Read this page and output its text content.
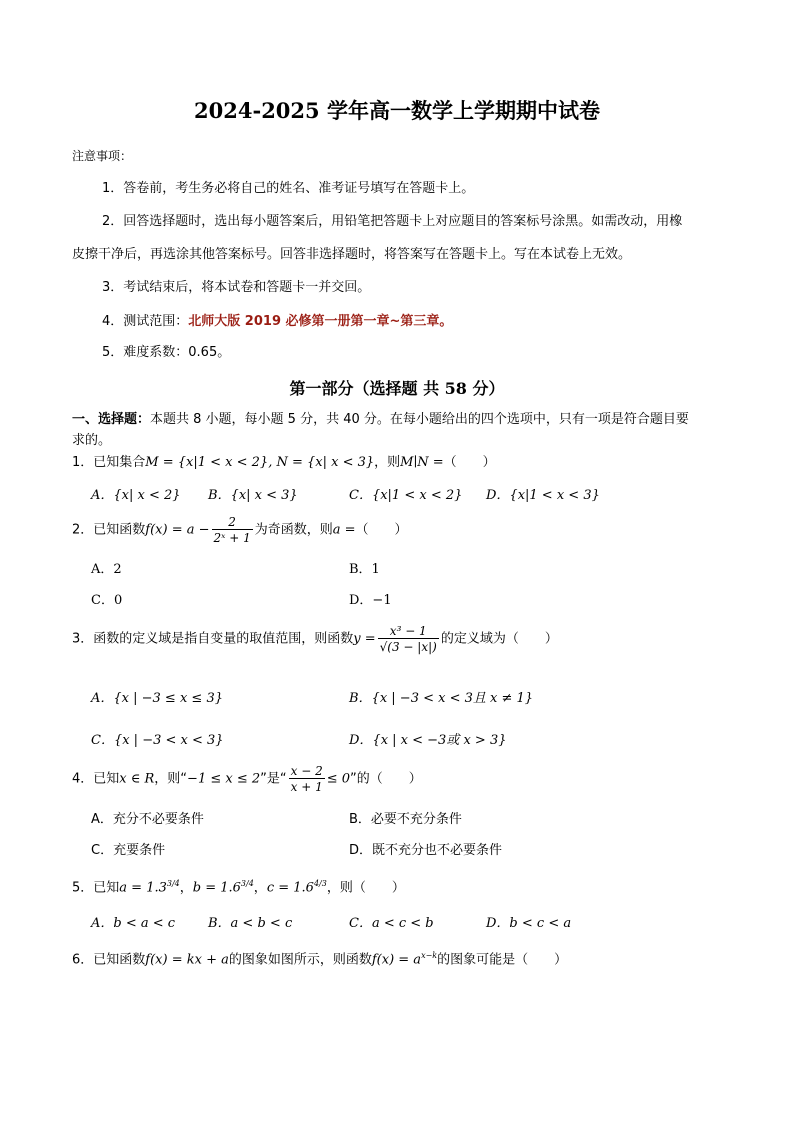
2024-2025 学年高一数学上学期期中试卷
注意事项：
1．答卷前，考生务必将自己的姓名、准考证号填写在答题卡上。
2．回答选择题时，选出每小题答案后，用铅笔把答题卡上对应题目的答案标号涂黑。如需改动，用橡
皮擦干净后，再选涂其他答案标号。回答非选择题时，将答案写在答题卡上。写在本试卷上无效。
3．考试结束后，将本试卷和答题卡一并交回。
4．测试范围：北师大版 2019 必修第一册第一章~第三章。
5．难度系数：0.65。
第一部分（选择题 共 58 分）
一、选择题：本题共 8 小题，每小题 5 分，共 40 分。在每小题给出的四个选项中，只有一项是符合题目要
求的。
1．已知集合M = {x|1 < x < 2}, N = {x| x < 3}，则M∣N =（　　）
A．{x| x < 2} B．{x| x < 3}	C．{x|1 < x < 2} D．{x|1 < x < 3}
2．已知函数$f(x) = a - \frac{2}{\text{2ˣ + 1}}$ 为奇函数，则a =（　　）
A．2	B．1
C．0	D．−1
3．函数的定义域是指自变量的取值范围，则函数$y = \frac{\text{x³ − 1}}{√(3 - |x|)}$ 的定义域为（　　）
A．{x | −3 ≤ x ≤ 3}	B．{x | −3 < x < 3且 x ≠ 1}
C．{x | −3 < x < 3}	D．{x | x < −3或 x > 3}
4．已知x ∈ R，则“−1 ≤ x ≤ 2”是“ $\frac{x - 2}{x + 1} \le 0$”的（　　）
A．充分不必要条件	B．必要不充分条件
C．充要条件	D．既不充分也不必要条件
5．已知$a = 1.3^{3/4}$，$b = 1.6^{3/4}$，$c = 1.6^{4/3}$，则（　　）
A．b < a < c	B．a < b < c	C．a < c < b	D．b < c < a
6．已知函数f(x) = kx + a的图象如图所示，则函数$f(x) = a^{x-k}$的图象可能是（　　）
